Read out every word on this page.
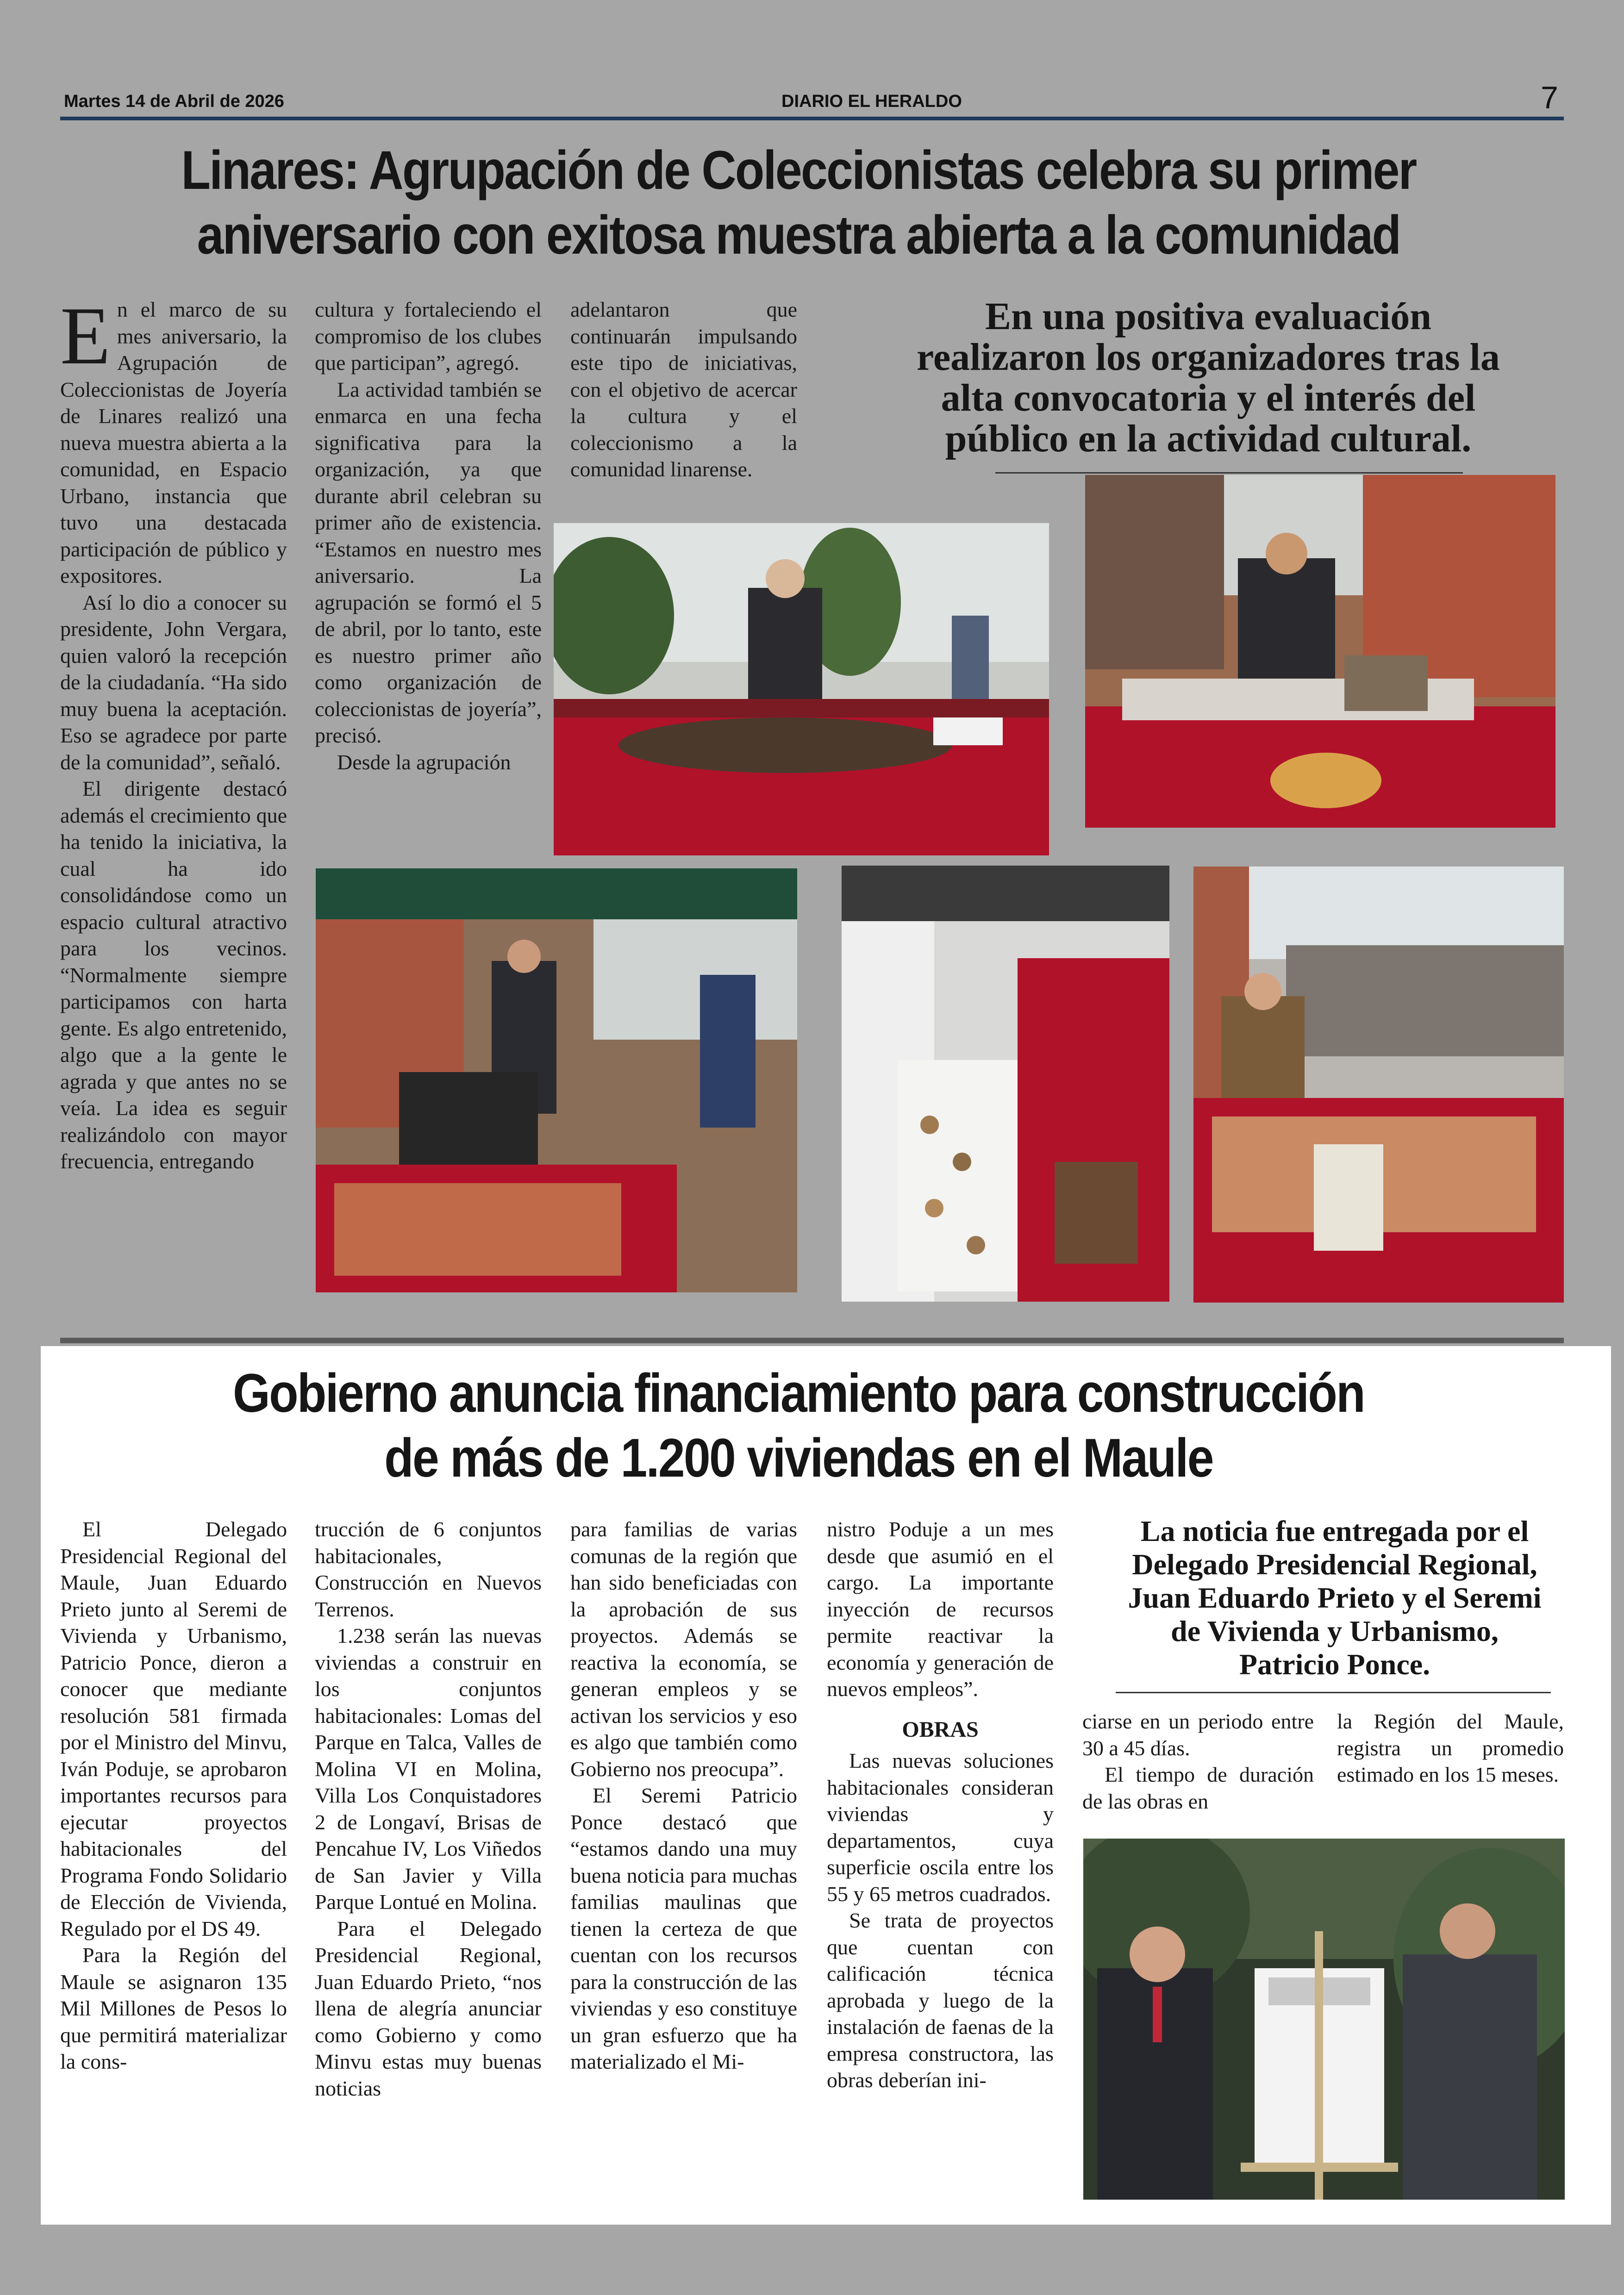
Martes 14 de Abril de 2026	DIARIO EL HERALDO	7
Linares: Agrupación de Coleccionistas celebra su primer
aniversario con exitosa muestra abierta a la comunidad
E n el marco de su mes aniversario, la Agrupación de Coleccionistas de Joyería de Linares realizó una nueva muestra abierta a la comunidad, en Espacio Urbano, instancia que tuvo una destacada participación de público y expositores.

Así lo dio a conocer su presidente, John Vergara, quien valoró la recepción de la ciudadanía. “Ha sido muy buena la aceptación. Eso se agradece por parte de la comunidad”, señaló.

El dirigente destacó además el crecimiento que ha tenido la iniciativa, la cual ha ido consolidándose como un espacio cultural atractivo para los vecinos. “Normalmente siempre participamos con harta gente. Es algo entretenido, algo que a la gente le agrada y que antes no se veía. La idea es seguir realizándolo con mayor frecuencia, entregando

cultura y fortaleciendo el compromiso de los clubes que participan”, agregó.

La actividad también se enmarca en una fecha significativa para la organización, ya que durante abril celebran su primer año de existencia. “Estamos en nuestro mes aniversario. La agrupación se formó el 5 de abril, por lo tanto, este es nuestro primer año como organización de coleccionistas de joyería”, precisó.

Desde la agrupación

adelantaron que continuarán impulsando este tipo de iniciativas, con el objetivo de acercar la cultura y el coleccionismo a la comunidad linarense.

En una positiva evaluación
realizaron los organizadores tras la
alta convocatoria y el interés del
público en la actividad cultural.
Gobierno anuncia financiamiento para construcción
de más de 1.200 viviendas en el Maule

El Delegado Presidencial Regional del Maule, Juan Eduardo Prieto junto al Seremi de Vivienda y Urbanismo, Patricio Ponce, dieron a conocer que mediante resolución 581 firmada por el Ministro del Minvu, Iván Poduje, se aprobaron importantes recursos para ejecutar proyectos habitacionales del Programa Fondo Solidario de Elección de Vivienda, Regulado por el DS 49.

Para la Región del Maule se asignaron 135 Mil Millones de Pesos lo que permitirá materializar la cons-

trucción de 6 conjuntos habitacionales, Construcción en Nuevos Terrenos.

1.238 serán las nuevas viviendas a construir en los conjuntos habitacionales: Lomas del Parque en Talca, Valles de Molina VI en Molina, Villa Los Conquistadores 2 de Longaví, Brisas de Pencahue IV, Los Viñedos de San Javier y Villa Parque Lontué en Molina.

Para el Delegado Presidencial Regional, Juan Eduardo Prieto, “nos llena de alegría anunciar como Gobierno y como Minvu estas muy buenas noticias

para familias de varias comunas de la región que han sido beneficiadas con la aprobación de sus proyectos. Además se reactiva la economía, se generan empleos y se activan los servicios y eso es algo que también como Gobierno nos preocupa”.

El Seremi Patricio Ponce destacó que “estamos dando una muy buena noticia para muchas familias maulinas que tienen la certeza de que cuentan con los recursos para la construcción de las viviendas y eso constituye un gran esfuerzo que ha materializado el Mi-

nistro Poduje a un mes desde que asumió en el cargo. La importante inyección de recursos permite reactivar la economía y generación de nuevos empleos”.

OBRAS

Las nuevas soluciones habitacionales consideran viviendas y departamentos, cuya superficie oscila entre los 55 y 65 metros cuadrados.

Se trata de proyectos que cuentan con calificación técnica aprobada y luego de la instalación de faenas de la empresa constructora, las obras deberían ini-

La noticia fue entregada por el
Delegado Presidencial Regional,
Juan Eduardo Prieto y el Seremi
de Vivienda y Urbanismo,
Patricio Ponce.

ciarse en un periodo entre 30 a 45 días.

El tiempo de duración de las obras en

la Región del Maule, registra un promedio estimado en los 15 meses.
